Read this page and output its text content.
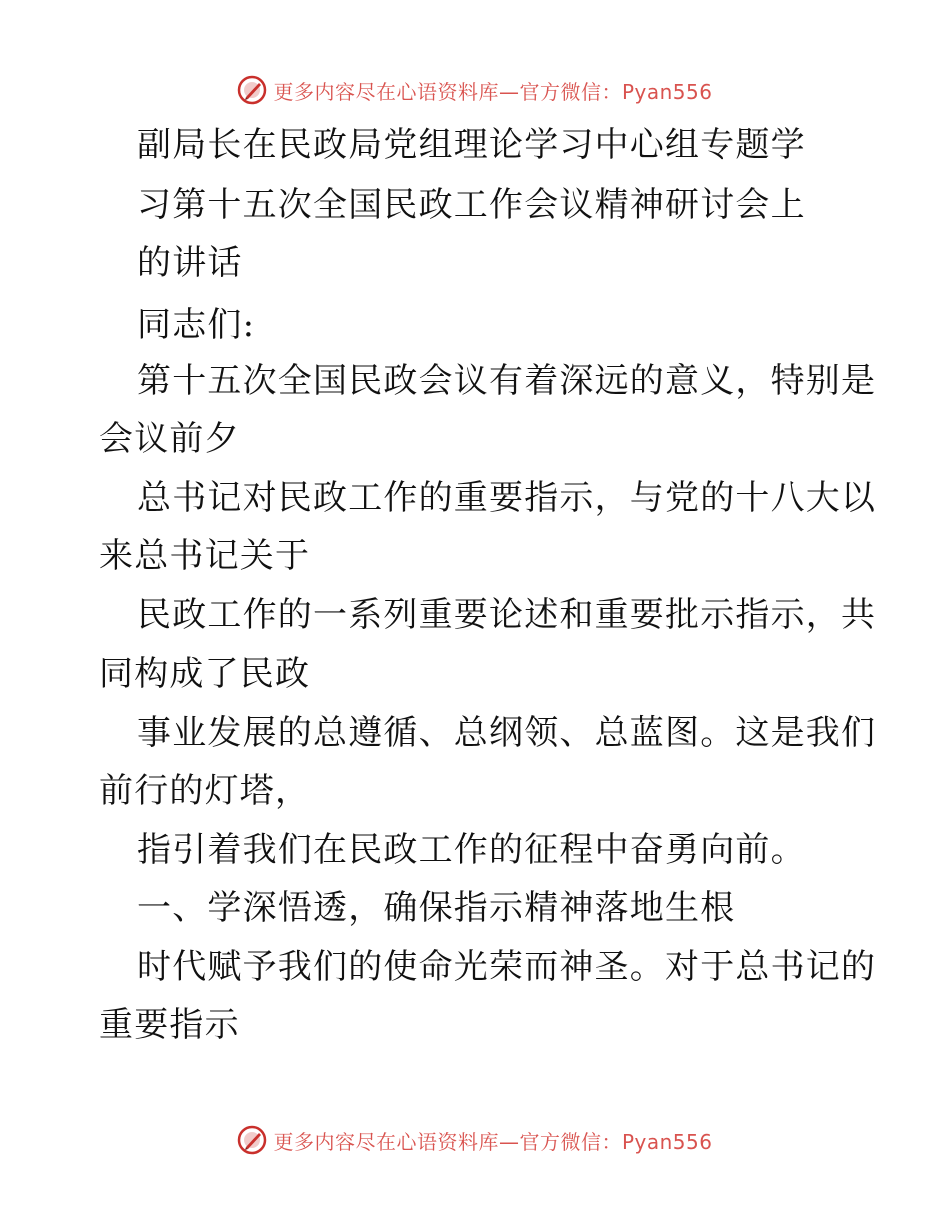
更多内容尽在心语资料库—官方微信：Pyan556
副局长在民政局党组理论学习中心组专题学
习第十五次全国民政工作会议精神研讨会上
的讲话
同志们:
第十五次全国民政会议有着深远的意义，特别是
会议前夕
总书记对民政工作的重要指示，与党的十八大以
来总书记关于
民政工作的一系列重要论述和重要批示指示，共
同构成了民政
事业发展的总遵循、总纲领、总蓝图。这是我们
前行的灯塔，
指引着我们在民政工作的征程中奋勇向前。
一、学深悟透，确保指示精神落地生根
时代赋予我们的使命光荣而神圣。对于总书记的
重要指示
更多内容尽在心语资料库—官方微信：Pyan556
